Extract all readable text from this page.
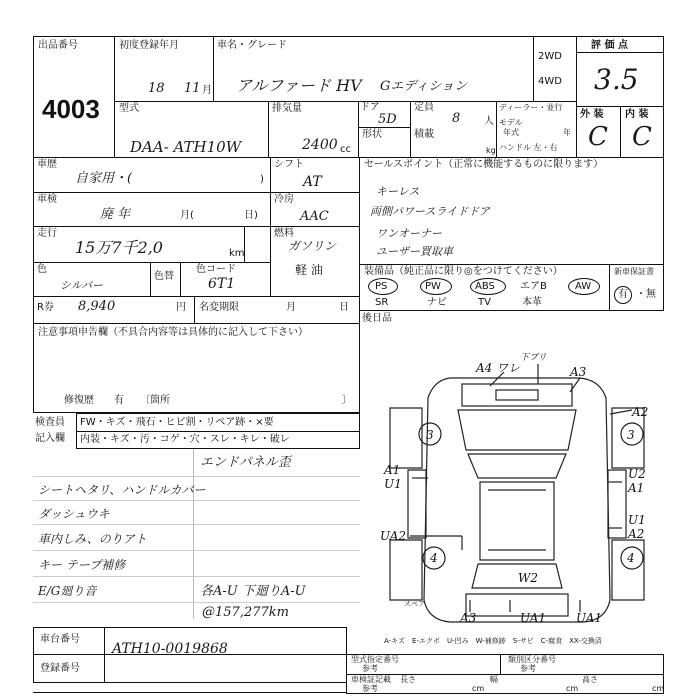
出品番号
4003
初度登録年月	車名・グレード
18 11 月 アルファード HV Gエディション
2WD
4WD
評 価 点
3.5
外 装 内 装
C C
型式
DAA- ATH10W
排気量
2400 cc
ドア
5D
形状
定員
8 人
積載
kg
ディーラー・並行
モデル
年式	年
ハンドル 左・右
車歴
自家用・(	)
車検
廃 年	月(	日)
走行
15万7千2,0	km
色
シルバー
色替
色コード
6T1
シフト
AT
冷房
AAC
燃料
ガソリン
軽 油
セールスポイント（正常に機能するものに限ります）
キーレス
両側パワースライドドア
ワンオーナー
ユーザー買取車
装備品（純正品に限り◎をつけてください）
PS	PW	ABS	エアB	AW
SR	ナビ	TV	本革
新車保証書
有 ・ 無
R券 8,940	円 名変期限	月	日
後日品
注意事項申告欄（不具合内容等は具体的に記入して下さい）
修復歴 有 〔箇所	〕
検査員
記入欄
FW・キズ・飛石・ヒビ割・リペア跡・×要
内装・キズ・汚・コゲ・穴・スレ・キレ・破レ
エンドパネル歪
シートヘタリ、ハンドルカバー
ダッシュウキ
車内しみ、のりアト
キー テープ補修
E/G廻り音	各A-U 下廻りA-U
@157,277km
車台番号
ATH10-0019868
登録番号
型式指定番号
参考
類別区分番号
参考
車検証記載
参考
長さ
cm
幅
cm
高さ
cm
下ブリ
A4 ワレ	A3
A2
3	3
A1
U1
U2
A1
U1
A2
UA2
4	4
W2
A3	UA1 UA1
スペア
A-キズ　E-エクボ　U-凹み　W-補修跡　S-サビ　C-腐食　XX-交換済
